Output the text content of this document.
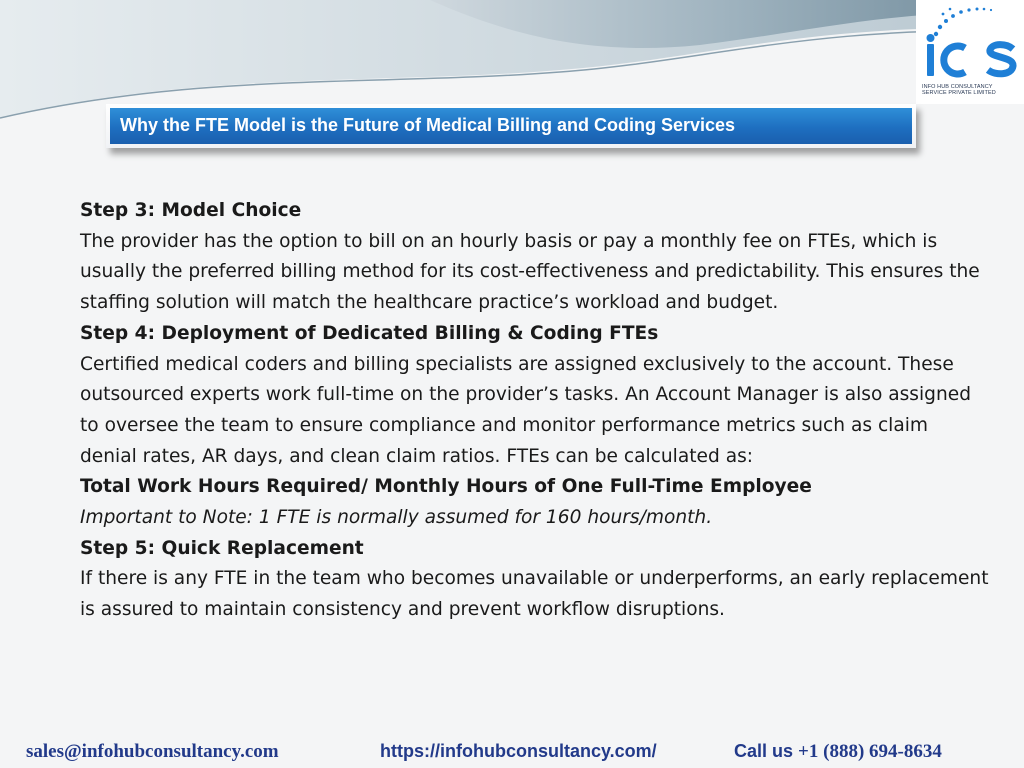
INFO HUB CONSULTANCY
SERVICE PRIVATE LIMITED
Why the FTE Model is the Future of Medical Billing and Coding Services

Step 3: Model Choice

The provider has the option to bill on an hourly basis or pay a monthly fee on FTEs, which is usually the preferred billing method for its cost-effectiveness and predictability. This ensures the staffing solution will match the healthcare practice’s workload and budget.

Step 4: Deployment of Dedicated Billing & Coding FTEs

Certified medical coders and billing specialists are assigned exclusively to the account. These outsourced experts work full-time on the provider’s tasks. An Account Manager is also assigned to oversee the team to ensure compliance and monitor performance metrics such as claim denial rates, AR days, and clean claim ratios. FTEs can be calculated as:

Total Work Hours Required/ Monthly Hours of One Full-Time Employee

Important to Note: 1 FTE is normally assumed for 160 hours/month.

Step 5: Quick Replacement

If there is any FTE in the team who becomes unavailable or underperforms, an early replacement is assured to maintain consistency and prevent workflow disruptions.

sales@infohubconsultancy.com	https://infohubconsultancy.com/	Call us +1 (888) 694-8634
